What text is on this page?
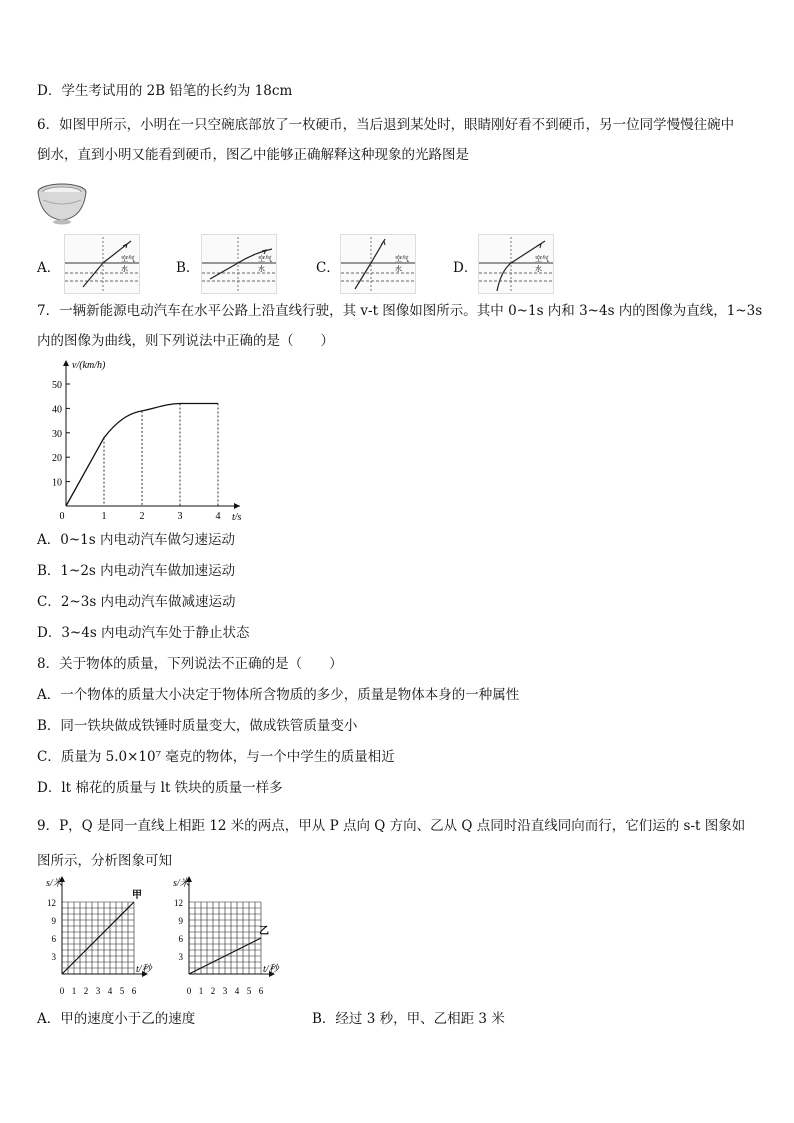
D．学生考试用的 2B 铅笔的长约为 18cm
6．如图甲所示，小明在一只空碗底部放了一枚硬币，当后退到某处时，眼睛刚好看不到硬币，另一位同学慢慢往碗中
倒水，直到小明又能看到硬币，图乙中能够正确解释这种现象的光路图是
A．	B．	C．	D．
空气
水
空气
水
空气
水
空气
水
7．一辆新能源电动汽车在水平公路上沿直线行驶，其 v-t 图像如图所示。其中 0~1s 内和 3~4s 内的图像为直线，1~3s
内的图像为曲线，则下列说法中正确的是（　　）
v/(km/h)
t/s
10
20
30
40
50
0	1	2	3	4
A．0~1s 内电动汽车做匀速运动
B．1~2s 内电动汽车做加速运动
C．2~3s 内电动汽车做减速运动
D．3~4s 内电动汽车处于静止状态
8．关于物体的质量，下列说法不正确的是（　　）
A．一个物体的质量大小决定于物体所含物质的多少，质量是物体本身的一种属性
B．同一铁块做成铁锤时质量变大，做成铁管质量变小
C．质量为 5.0×10⁷ 毫克的物体，与一个中学生的质量相近
D．lt 棉花的质量与 lt 铁块的质量一样多
9．P，Q 是同一直线上相距 12 米的两点，甲从 P 点向 Q 方向、乙从 Q 点同时沿直线同向而行，它们运的 s-t 图象如
图所示，分析图象可知
s/米
t/秒
3
6
9
12
0 1 2 3 4 5 6
甲
s/米
t/秒
3
6
9
12
0 1 2 3 4 5 6
乙
A．甲的速度小于乙的速度	B．经过 3 秒，甲、乙相距 3 米
